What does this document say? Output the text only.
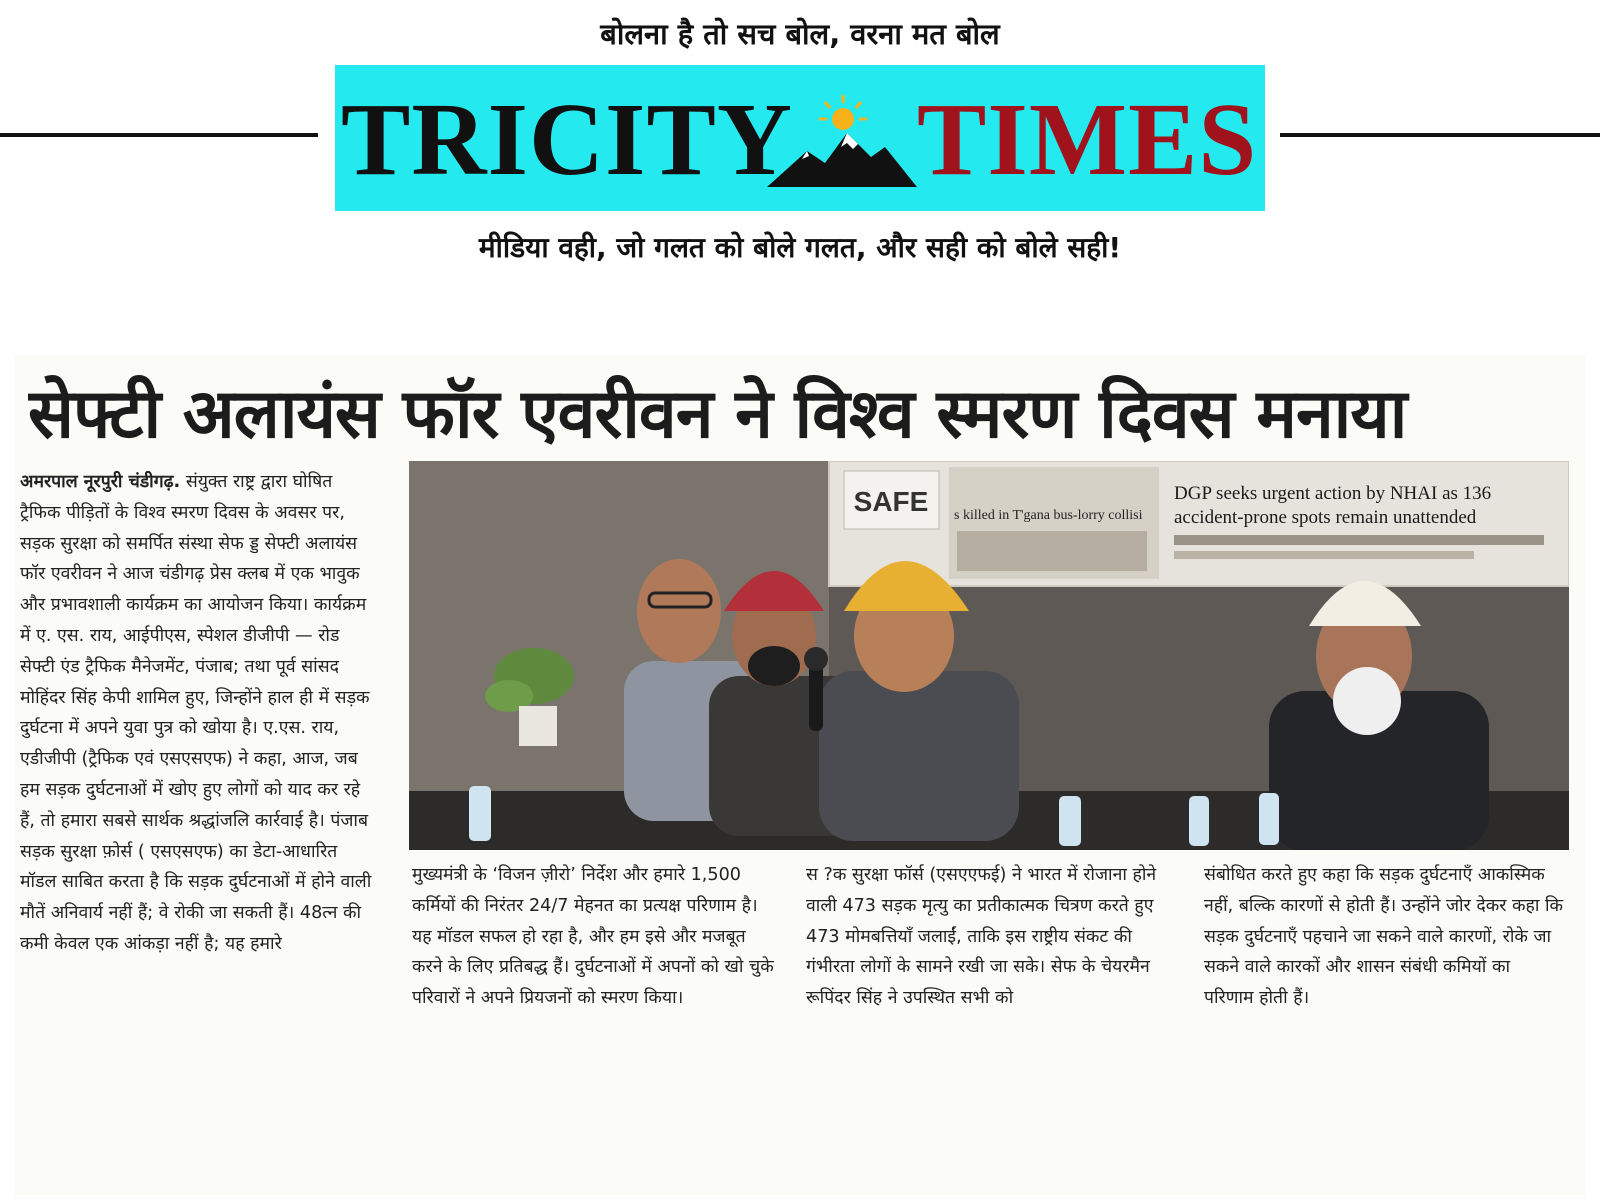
बोलना है तो सच बोल, वरना मत बोल
TRICITY TIMES
मीडिया वही, जो गलत को बोले गलत, और सही को बोले सही!
सेफ्टी अलायंस फॉर एवरीवन ने विश्व स्मरण दिवस मनाया
अमरपाल नूरपुरी चंडीगढ़. संयुक्त राष्ट्र द्वारा घोषित ट्रैफिक पीड़ितों के विश्व स्मरण दिवस के अवसर पर, सड़क सुरक्षा को समर्पित संस्था सेफ ड्ड सेफ्टी अलायंस फॉर एवरीवन ने आज चंडीगढ़ प्रेस क्लब में एक भावुक और प्रभावशाली कार्यक्रम का आयोजन किया। कार्यक्रम में ए. एस. राय, आईपीएस, स्पेशल डीजीपी — रोड सेफ्टी एंड ट्रैफिक मैनेजमेंट, पंजाब; तथा पूर्व सांसद मोहिंदर सिंह केपी शामिल हुए, जिन्होंने हाल ही में सड़क दुर्घटना में अपने युवा पुत्र को खोया है। ए.एस. राय, एडीजीपी (ट्रैफिक एवं एसएसएफ) ने कहा, आज, जब हम सड़क दुर्घटनाओं में खोए हुए लोगों को याद कर रहे हैं, तो हमारा सबसे सार्थक श्रद्धांजलि कार्रवाई है। पंजाब सड़क सुरक्षा फ़ोर्स ( एसएसएफ) का डेटा-आधारित मॉडल साबित करता है कि सड़क दुर्घटनाओं में होने वाली मौतें अनिवार्य नहीं हैं; वे रोकी जा सकती हैं। 48त्न की कमी केवल एक आंकड़ा नहीं है; यह हमारे
SAFE s killed in T'gana bus-lorry collisi
DGP seeks urgent action by NHAI as 136
accident-prone spots remain unattended
मुख्यमंत्री के ‘विजन ज़ीरो’ निर्देश और हमारे 1,500 कर्मियों की निरंतर 24/7 मेहनत का प्रत्यक्ष परिणाम है। यह मॉडल सफल हो रहा है, और हम इसे और मजबूत करने के लिए प्रतिबद्ध हैं। दुर्घटनाओं में अपनों को खो चुके परिवारों ने अपने प्रियजनों को स्मरण किया।
स ?क सुरक्षा फॉर्स (एसएएफई) ने भारत में रोजाना होने वाली 473 सड़क मृत्यु का प्रतीकात्मक चित्रण करते हुए 473 मोमबत्तियाँ जलाईं, ताकि इस राष्ट्रीय संकट की गंभीरता लोगों के सामने रखी जा सके। सेफ के चेयरमैन रूपिंदर सिंह ने उपस्थित सभी को
संबोधित करते हुए कहा कि सड़क दुर्घटनाएँ आकस्मिक नहीं, बल्कि कारणों से होती हैं। उन्होंने जोर देकर कहा कि सड़क दुर्घटनाएँ पहचाने जा सकने वाले कारणों, रोके जा सकने वाले कारकों और शासन संबंधी कमियों का परिणाम होती हैं।
